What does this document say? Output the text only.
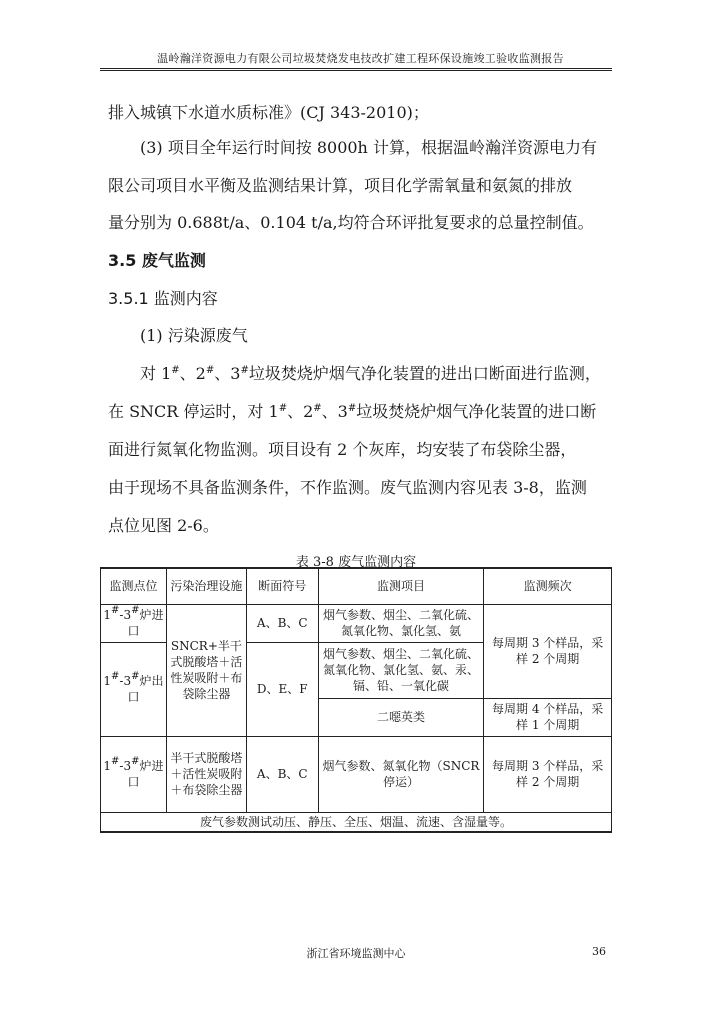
温岭瀚洋资源电力有限公司垃圾焚烧发电技改扩建工程环保设施竣工验收监测报告
排入城镇下水道水质标准》(CJ 343-2010)；
(3) 项目全年运行时间按 8000h 计算，根据温岭瀚洋资源电力有
限公司项目水平衡及监测结果计算，项目化学需氧量和氨氮的排放
量分别为 0.688t/a、0.104 t/a,均符合环评批复要求的总量控制值。
3.5 废气监测
3.5.1 监测内容
(1) 污染源废气
对 1#、2#、3#垃圾焚烧炉烟气净化装置的进出口断面进行监测，
在 SNCR 停运时，对 1#、2#、3#垃圾焚烧炉烟气净化装置的进口断
面进行氮氧化物监测。项目设有 2 个灰库，均安装了布袋除尘器，
由于现场不具备监测条件，不作监测。废气监测内容见表 3-8，监测
点位见图 2-6。
表 3-8 废气监测内容
监测点位	污染治理设施	断面符号	监测项目	监测频次
1#-3#炉进口	SNCR+半干式脱酸塔＋活性炭吸附＋布袋除尘器	A、B、C	烟气参数、烟尘、二氧化硫、氮氧化物、氯化氢、氨	每周期 3 个样品，采样 2 个周期
1#-3#炉出口		D、E、F	烟气参数、烟尘、二氧化硫、氮氧化物、氯化氢、氨、汞、镉、铅、一氧化碳	
			二噁英类	每周期 4 个样品，采样 1 个周期
1#-3#炉进口	半干式脱酸塔＋活性炭吸附＋布袋除尘器	A、B、C	烟气参数、氮氧化物（SNCR 停运）	每周期 3 个样品，采样 2 个周期
废气参数测试动压、静压、全压、烟温、流速、含湿量等。				
浙江省环境监测中心	36
